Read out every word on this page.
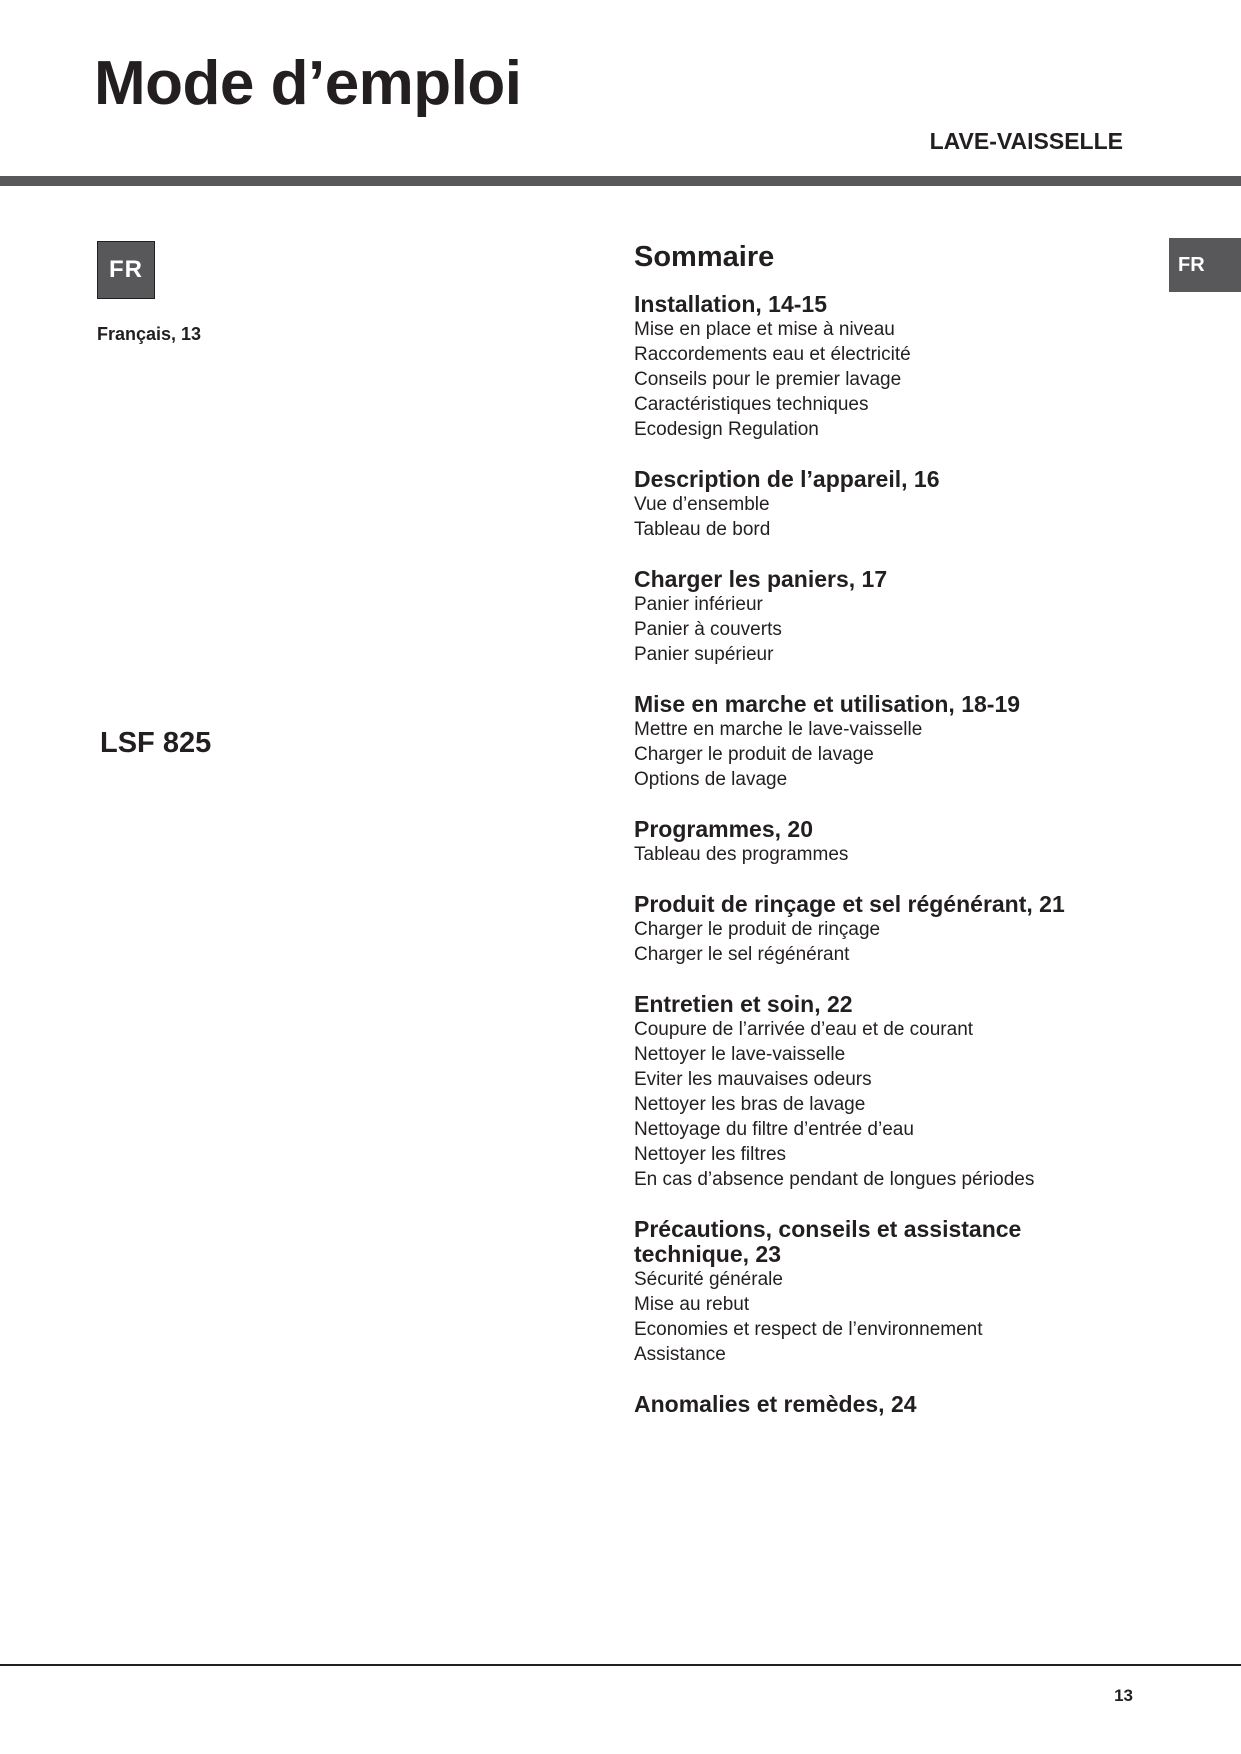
Mode d’emploi
LAVE-VAISSELLE
FR
Français, 13
LSF 825
FR
Sommaire
Installation, 14-15
Mise en place et mise à niveau
Raccordements eau et électricité
Conseils pour le premier lavage
Caractéristiques techniques
Ecodesign Regulation
Description de l’appareil, 16
Vue d’ensemble
Tableau de bord
Charger les paniers, 17
Panier inférieur
Panier à couverts
Panier supérieur
Mise en marche et utilisation, 18-19
Mettre en marche le lave-vaisselle
Charger le produit de lavage
Options de lavage
Programmes, 20
Tableau des programmes
Produit de rinçage et sel régénérant, 21
Charger le produit de rinçage
Charger le sel régénérant
Entretien et soin, 22
Coupure de l’arrivée d’eau et de courant
Nettoyer le lave-vaisselle
Eviter les mauvaises odeurs
Nettoyer les bras de lavage
Nettoyage du filtre d’entrée d’eau
Nettoyer les filtres
En cas d’absence pendant de longues périodes
Précautions, conseils et assistance technique, 23
Sécurité générale
Mise au rebut
Economies et respect de l’environnement
Assistance
Anomalies et remèdes, 24
13
